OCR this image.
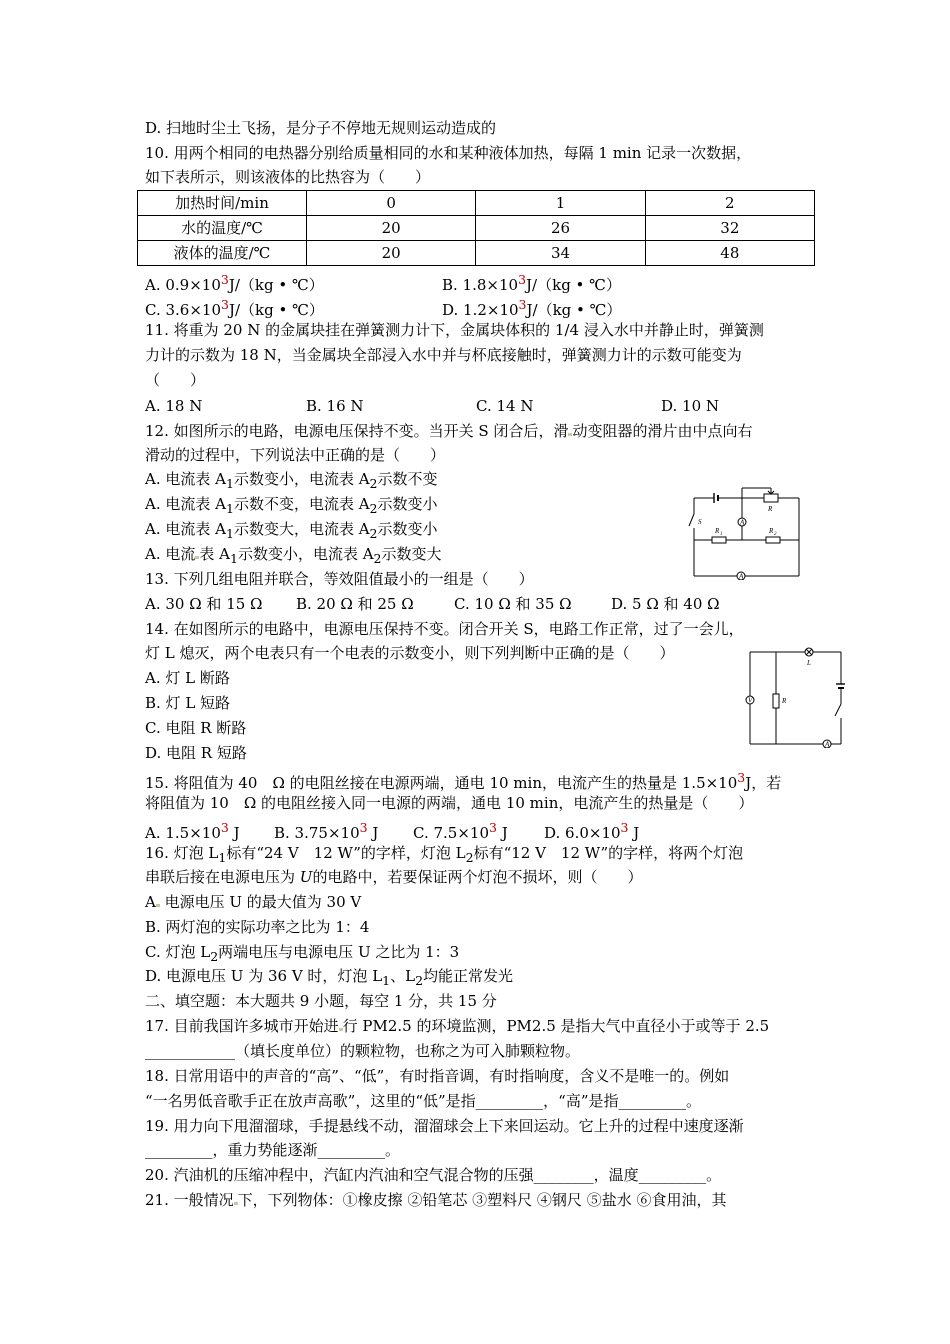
D. 扫地时尘土飞扬，是分子不停地无规则运动造成的
10. 用两个相同的电热器分别给质量相同的水和某种液体加热，每隔 1 min 记录一次数据，
如下表所示，则该液体的比热容为（　　）
加热时间/min	0	1	2
水的温度/℃	20	26	32
液体的温度/℃	20	34	48
A. $0.9\times 10^3J/(kg$ • ℃）	B. $1.8\times 10^3J/(kg$ • ℃）
C. $3.6\times 10^3J/(kg$ • ℃）	D. $1.2\times 10^3J/(kg$ • ℃）
11. 将重为 20 N 的金属块挂在弹簧测力计下，金属块体积的 1/4 浸入水中并静止时，弹簧测
力计的示数为 18 N，当金属块全部浸入水中并与杯底接触时，弹簧测力计的示数可能变为
（　　）
A. 18 N	B. 16 N	C. 14 N	D. 10 N
12. 如图所示的电路，电源电压保持不变。当开关 S 闭合后，滑 动变阻器的滑片由中点向右
滑动的过程中，下列说法中正确的是（　　）
A. 电流表 $A_1$示数变小，电流表 $A_2$示数不变
A. 电流表 $A_1$示数不变，电流表 $A_2$示数变小
A. 电流表 $A_1$示数变大，电流表 $A_2$示数变小
A. 电流 表 $A_1$示数变小，电流表 $A_2$示数变大
A
A
S
R
R 1	R 2
13. 下列几组电阻并联合，等效阻值最小的一组是（　　）
A. 30 Ω 和 15 Ω B. 20 Ω 和 25 Ω	C. 10 Ω 和 35 Ω	D. 5 Ω 和 40 Ω
14. 在如图所示的电路中，电源电压保持不变。闭合开关 S，电路工作正常，过了一会儿，
灯 L 熄灭，两个电表只有一个电表的示数变小，则下列判断中正确的是（　　）
A. 灯 L 断路
B. 灯 L 短路
C. 电阻 R 断路
D. 电阻 R 短路
V
A
L
R
15. 将阻值为 40　Ω 的电阻丝接在电源两端，通电 10 min，电流产生的热量是 $1.5\times 10^3J$，若
将阻值为 10　Ω 的电阻丝接入同一电源的两端，通电 10 min，电流产生的热量是（　　）
A. $1.5\times 10^3$ J B. $3.75\times 10^3$ J C. $7.5\times 10^3$ J D. $6.0\times 10^3$ J
16. 灯泡 $L_1$标有“24 V　12 W”的字样，灯泡 $L_2$标有“12 V　12 W”的字样，将两个灯泡
串联后接在电源电压为 U的电路中，若要保证两个灯泡不损坏，则（　　）
A 电源电压 U 的最大值为 30 V
B. 两灯泡的实际功率之比为 1：4
C. 灯泡 $L_2$两端电压与电源电压 U 之比为 1：3
D. 电源电压 U 为 36 V 时，灯泡 $L_1$、$L_2$均能正常发光
二、填空题：本大题共 9 小题，每空 1 分，共 15 分
17. 目前我国许多城市开始进 行 PM2.5 的环境监测，PM2.5 是指大气中直径小于或等于 2.5
____________（填长度单位）的颗粒物，也称之为可入肺颗粒物。
18. 日常用语中的声音的“高”、“低”，有时指音调，有时指响度，含义不是唯一的。例如
“一名男低音歌手正在放声高歌”，这里的“低”是指_________，“高”是指_________。
19. 用力向下甩溜溜球，手提悬线不动，溜溜球会上下来回运动。它上升的过程中速度逐渐
_________，重力势能逐渐_________。
20. 汽油机的压缩冲程中，汽缸内汽油和空气混合物的压强________，温度_________。
21. 一般情况 下，下列物体：①橡皮擦 ②铅笔芯 ③塑料尺 ④钢尺 ⑤盐水 ⑥食用油，其
